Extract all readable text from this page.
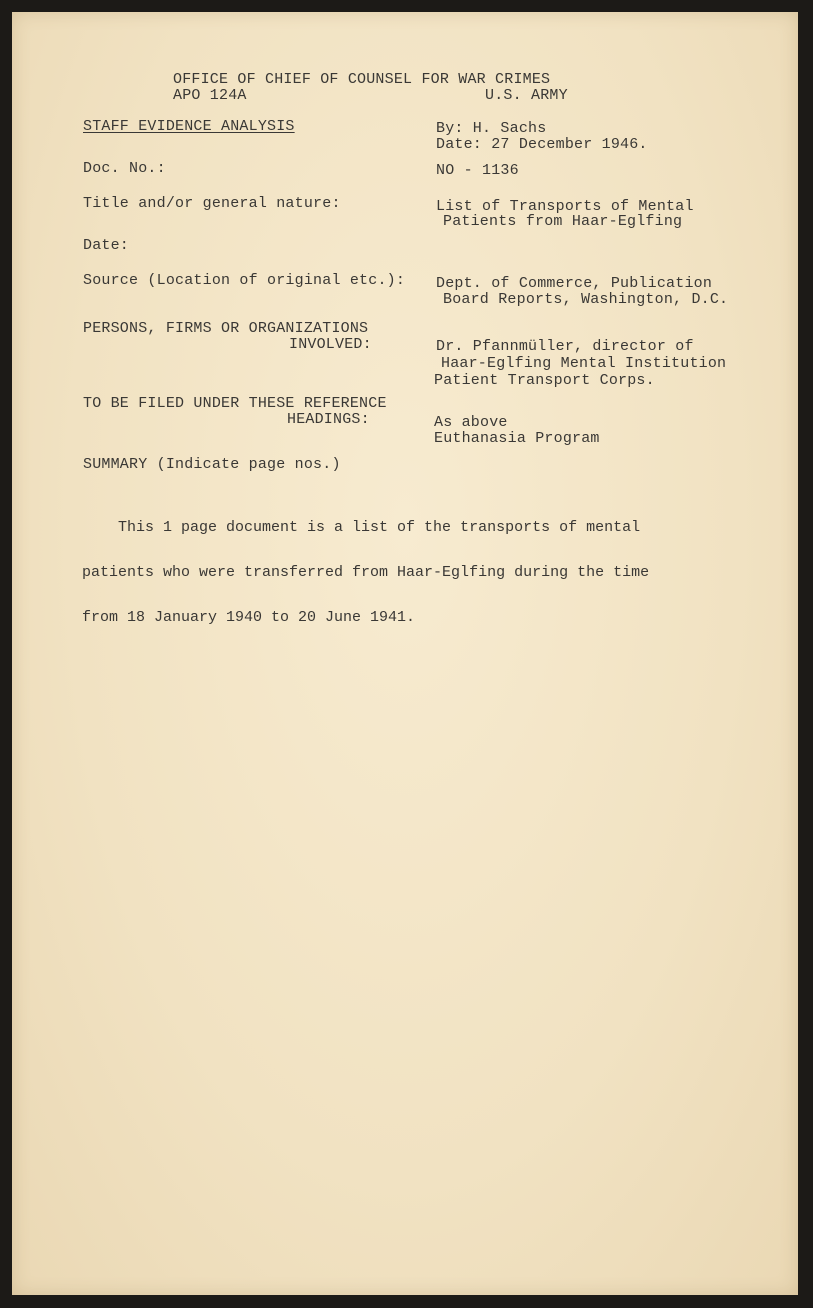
OFFICE OF CHIEF OF COUNSEL FOR WAR CRIMES
APO 124A	U.S. ARMY
STAFF EVIDENCE ANALYSIS	By: H. Sachs
Date: 27 December 1946.
Doc. No.:	NO - 1136
Title and/or general nature:	List of Transports of Mental
Patients from Haar-Eglfing
Date:
Source (Location of original etc.): Dept. of Commerce, Publication
Board Reports, Washington, D.C.
PERSONS, FIRMS OR ORGANIZATIONS
INVOLVED:	Dr. Pfannmüller, director of
Haar-Eglfing Mental Institution
Patient Transport Corps.
TO BE FILED UNDER THESE REFERENCE
HEADINGS:	As above
Euthanasia Program
SUMMARY (Indicate page nos.)

This 1 page document is a list of the transports of mental

patients who were transferred from Haar-Eglfing during the time

from 18 January 1940 to 20 June 1941.
